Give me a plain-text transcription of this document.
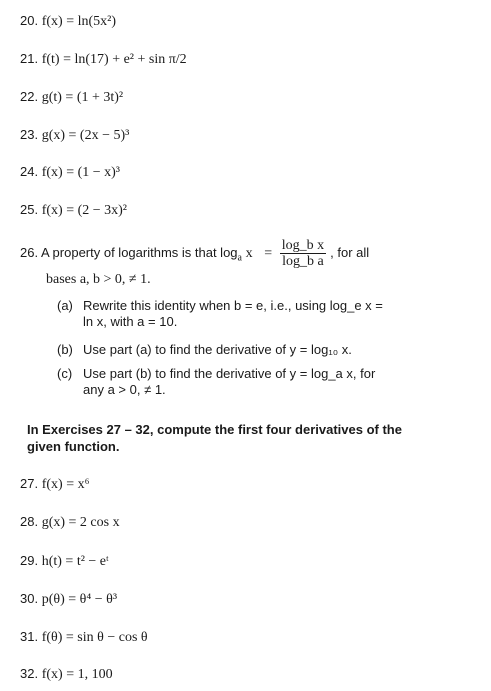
20. f(x) = ln(5x²)
21. f(t) = ln(17) + e² + sin π/2
22. g(t) = (1 + 3t)²
23. g(x) = (2x − 5)³
24. f(x) = (1 − x)³
25. f(x) = (2 − 3x)²
26. A property of logarithms is that $\log_a x = \frac{\text{log\_b x}}{\text{log\_b a}}$ , for all
bases a, b > 0, ≠ 1.
(a) Rewrite this identity when b = e, i.e., using log_e x =
ln x, with a = 10.
(b) Use part (a) to find the derivative of y = log₁₀ x.
(c) Use part (b) to find the derivative of y = log_a x, for
any a > 0, ≠ 1.
In Exercises 27 – 32, compute the first four derivatives of the
given function.
27. f(x) = x⁶
28. g(x) = 2 cos x
29. h(t) = t² − eᵗ
30. p(θ) = θ⁴ − θ³
31. f(θ) = sin θ − cos θ
32. f(x) = 1, 100
